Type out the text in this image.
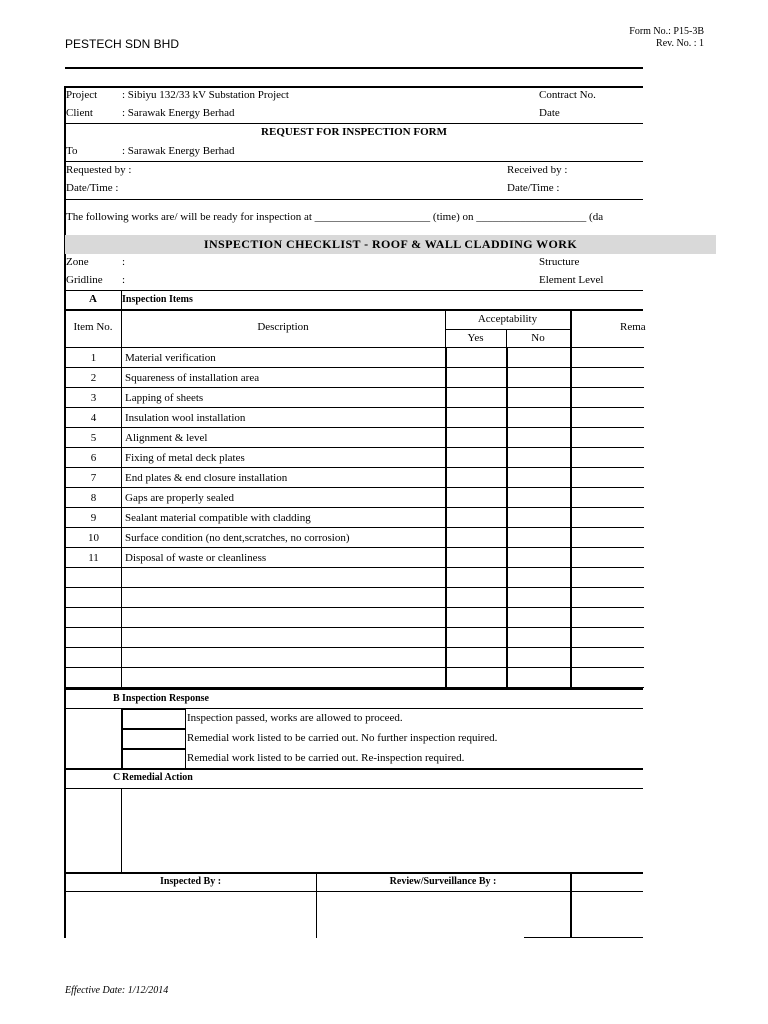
PESTECH SDN BHD
Form No.: P15-3B
Rev. No. : 1
Project : Sibiyu 132/33 kV Substation Project	Contract No.
Client	: Sarawak Energy Berhad	Date
REQUEST FOR INSPECTION FORM
To	: Sarawak Energy Berhad
Requested by :	Received by :
Date/Time :	Date/Time :
The following works are/ will be ready for inspection at _____________________ (time) on ____________________ (da
INSPECTION CHECKLIST - ROOF & WALL CLADDING WORK
Zone	:	Structure
Gridline :	Element Level
A	Inspection Items
Item No.	Description
Acceptability
Yes	No
Rema
1	Material verification			
2	Squareness of installation area			
3	Lapping of sheets			
4	Insulation wool installation			
5	Alignment & level			
6	Fixing of metal deck plates			
7	End plates & end closure installation			
8	Gaps are properly sealed			
9	Sealant material compatible with cladding			
10	Surface condition (no dent,scratches, no corrosion)			
11	Disposal of waste or cleanliness			

B Inspection Response
Inspection passed, works are allowed to proceed.
Remedial work listed to be carried out. No further inspection required.
Remedial work listed to be carried out. Re-inspection required.
C Remedial Action
Inspected By :	Review/Surveillance By :
Effective Date: 1/12/2014
